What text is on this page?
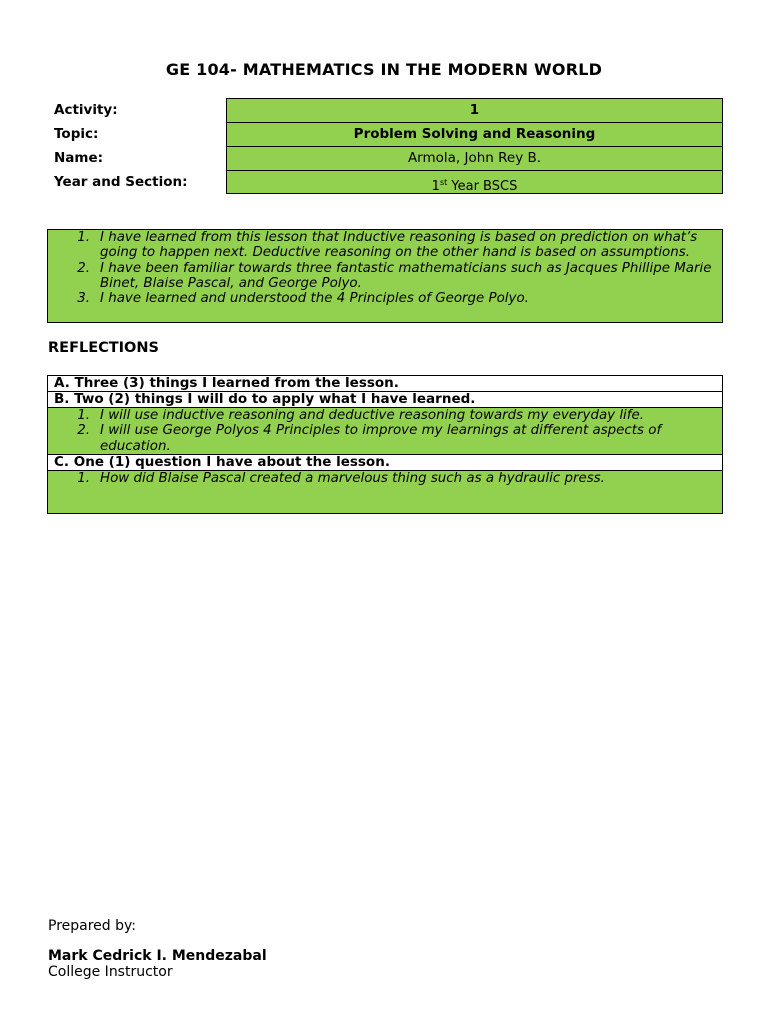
GE 104- MATHEMATICS IN THE MODERN WORLD
Activity:	1
Topic:	Problem Solving and Reasoning
Name:	Armola, John Rey B.
Year and Section:	1st Year BSCS
1. I have learned from this lesson that Inductive reasoning is based on prediction on what’s going to happen next. Deductive reasoning on the other hand is based on assumptions.
2. I have been familiar towards three fantastic mathematicians such as Jacques Phillipe Marie Binet, Blaise Pascal, and George Polyo.
3. I have learned and understood the 4 Principles of George Polyo.
REFLECTIONS
A. Three (3) things I learned from the lesson.
B. Two (2) things I will do to apply what I have learned.
1. I will use inductive reasoning and deductive reasoning towards my everyday life.
2. I will use George Polyos 4 Principles to improve my learnings at different aspects of education.
C. One (1) question I have about the lesson.
1. How did Blaise Pascal created a marvelous thing such as a hydraulic press.
Prepared by:
Mark Cedrick I. Mendezabal
College Instructor
